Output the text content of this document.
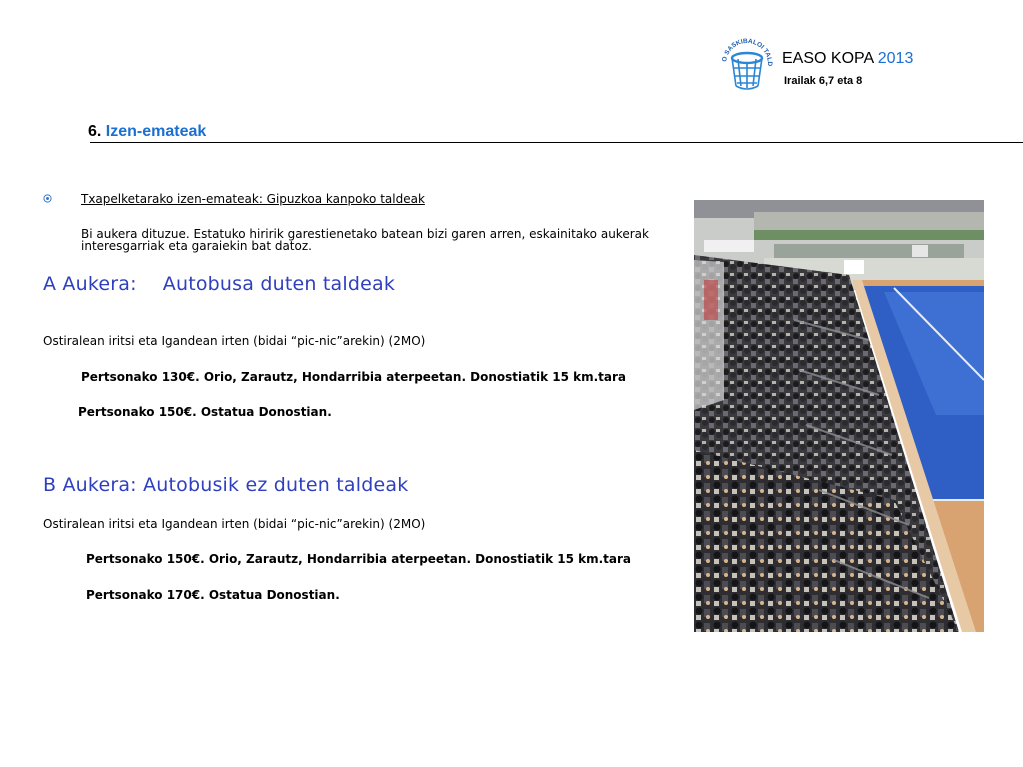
O SASKIBALOI TALD EASO KOPA 2013
Irailak 6,7 eta 8
6. Izen-emateak
Txapelketarako izen-emateak: Gipuzkoa kanpoko taldeak
Bi aukera dituzue. Estatuko hiririk garestienetako batean bizi garen arren, eskainitako aukerak interesgarriak eta garaiekin bat datoz.
A Aukera: Autobusa duten taldeak
Ostiralean iritsi eta Igandean irten (bidai “pic-nic”arekin) (2MO)
Pertsonako 130€. Orio, Zarautz, Hondarribia aterpeetan. Donostiatik 15 km.tara
Pertsonako 150€. Ostatua Donostian.
B Aukera: Autobusik ez duten taldeak
Ostiralean iritsi eta Igandean irten (bidai “pic-nic”arekin) (2MO)
Pertsonako 150€. Orio, Zarautz, Hondarribia aterpeetan. Donostiatik 15 km.tara
Pertsonako 170€. Ostatua Donostian.
